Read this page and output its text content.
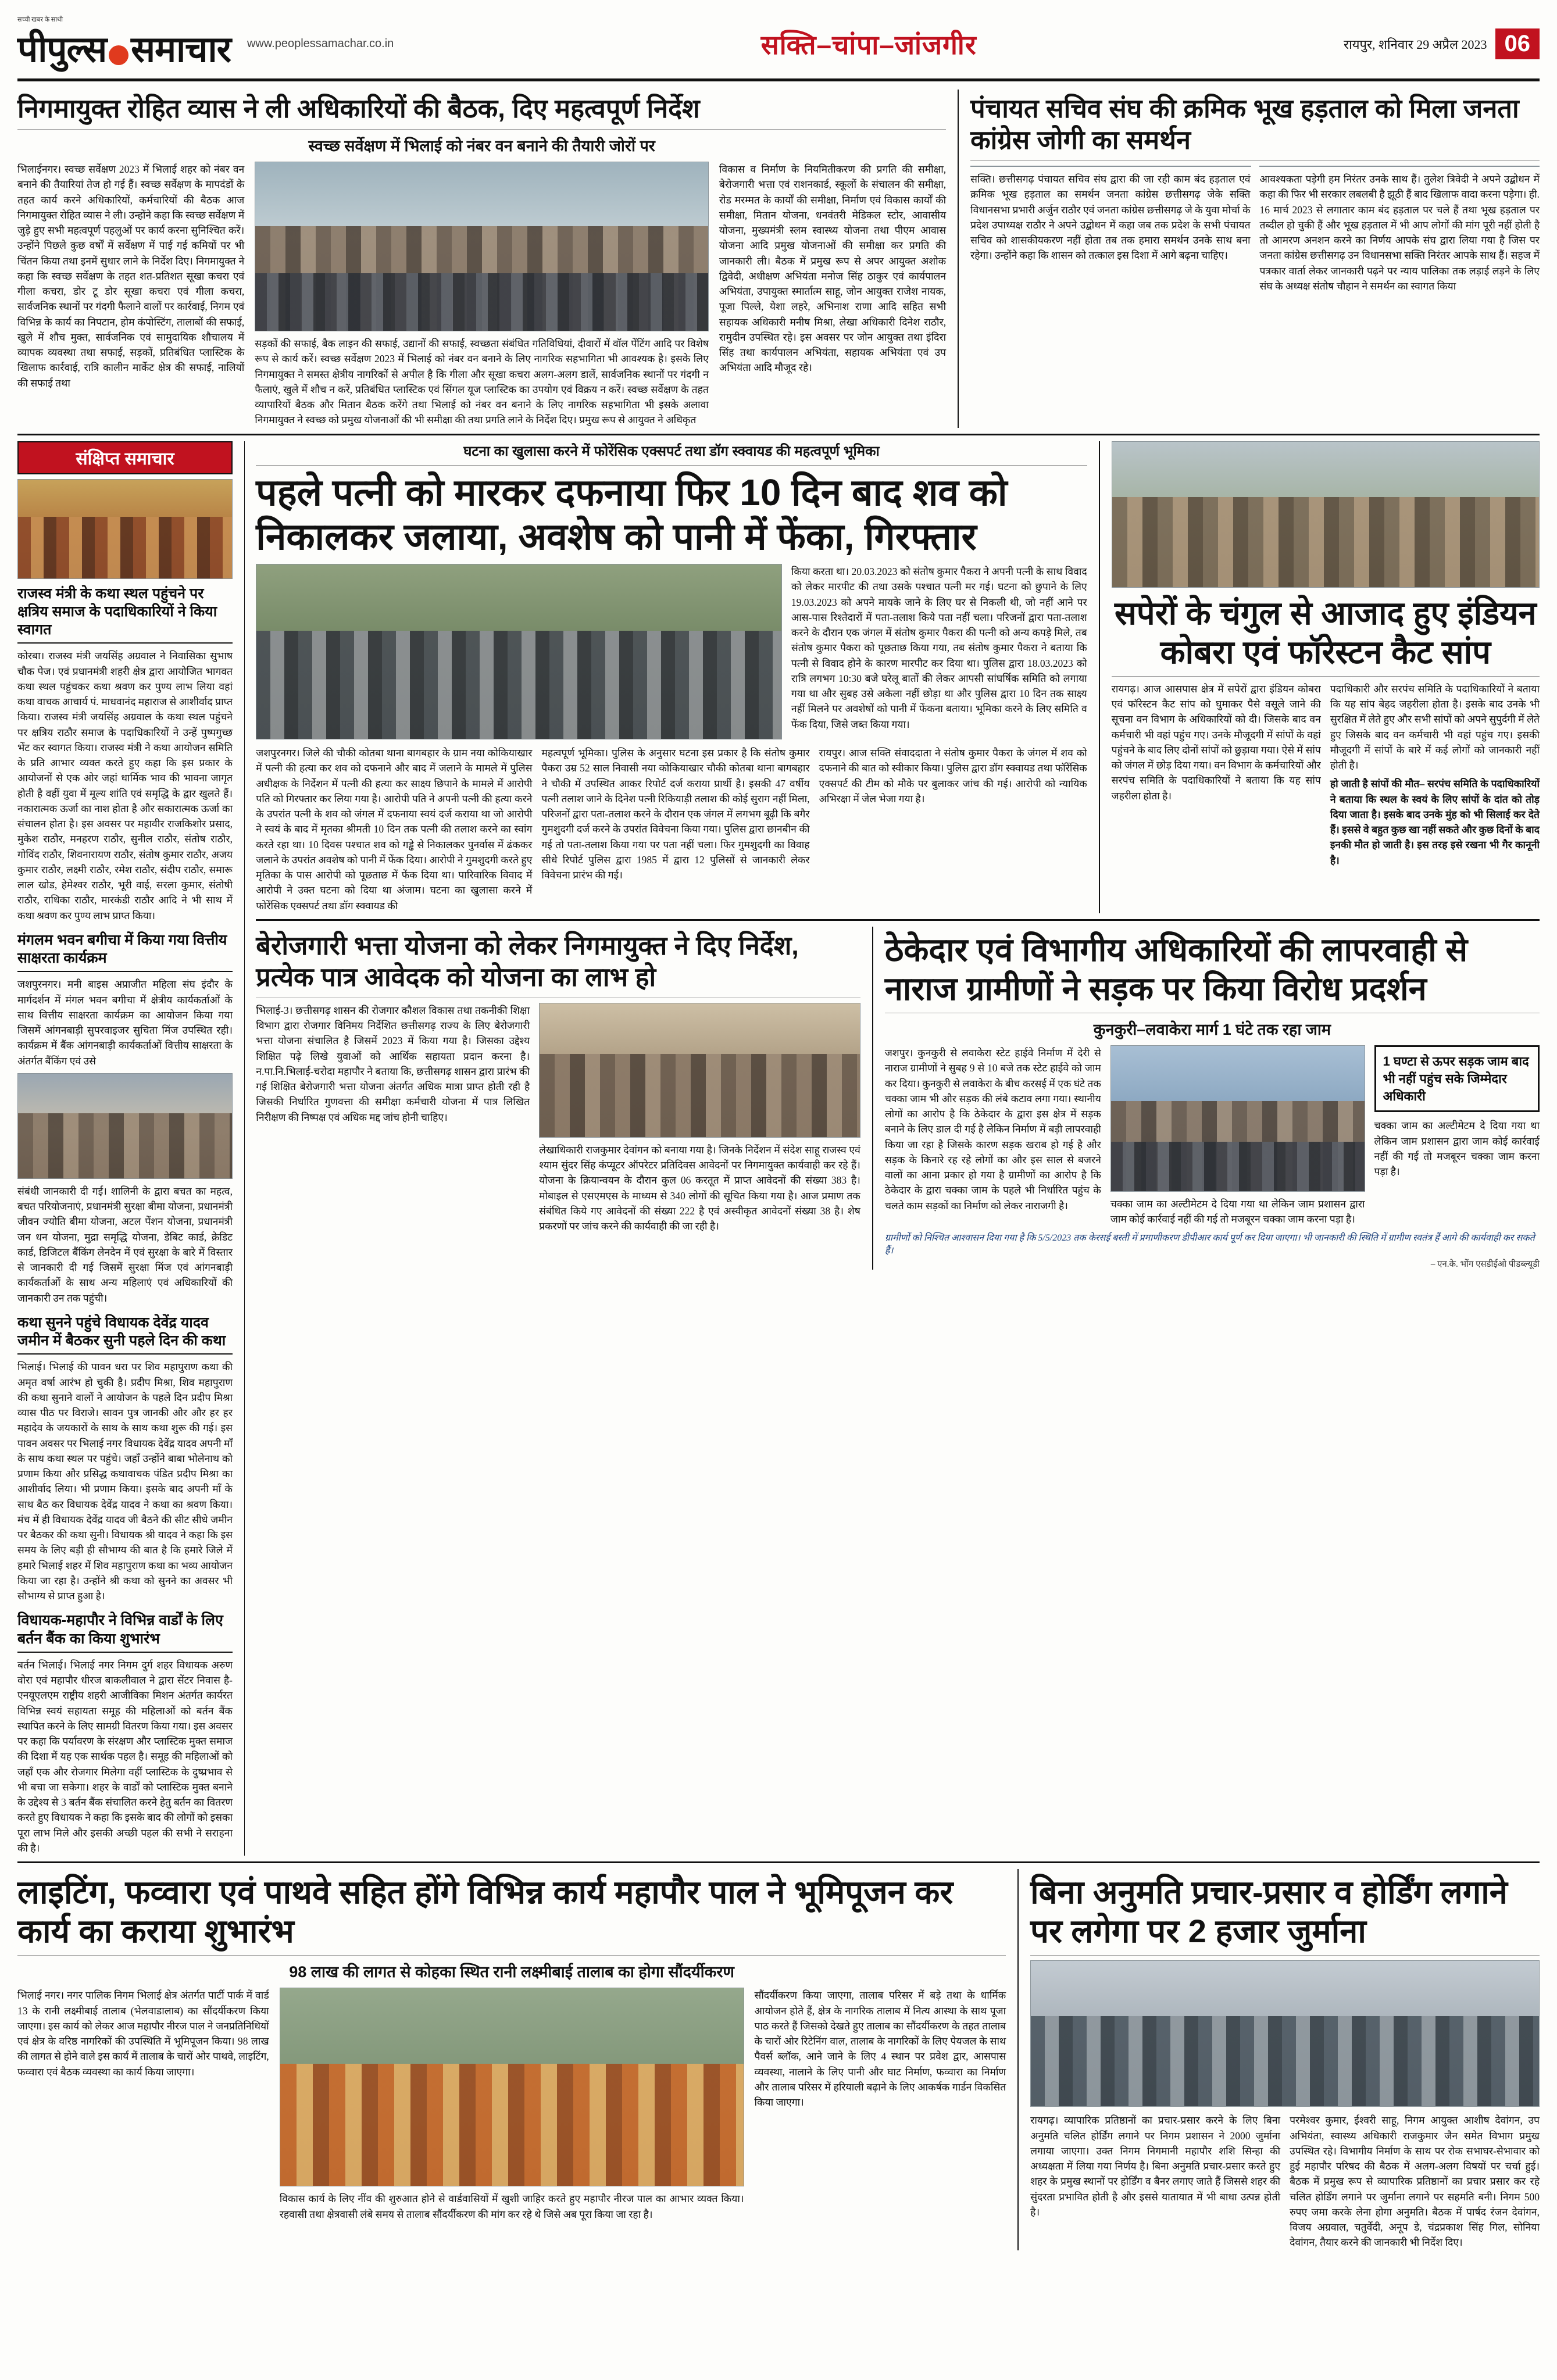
सच्ची खबर के साथी
पीपुल्स समाचार www.peoplessamachar.co.in	सक्ति–चांपा–जांजगीर	रायपुर, शनिवार 29 अप्रैल 2023 06
निगमायुक्त रोहित व्यास ने ली अधिकारियों की बैठक, दिए महत्वपूर्ण निर्देश
स्वच्छ सर्वेक्षण में भिलाई को नंबर वन बनाने की तैयारी जोरों पर
भिलाईनगर। स्वच्छ सर्वेक्षण 2023 में भिलाई शहर को नंबर वन बनाने की तैयारियां तेज हो गई हैं। स्वच्छ सर्वेक्षण के मापदंडों के तहत कार्य करने अधिकारियों, कर्मचारियों की बैठक आज निगमायुक्त रोहित व्यास ने ली। उन्होंने कहा कि स्वच्छ सर्वेक्षण में जुड़े हुए सभी महत्वपूर्ण पहलुओं पर कार्य करना सुनिश्चित करें। उन्होंने पिछले कुछ वर्षों में सर्वेक्षण में पाई गई कमियों पर भी चिंतन किया तथा इनमें सुधार लाने के निर्देश दिए। निगमायुक्त ने कहा कि स्वच्छ सर्वेक्षण के तहत शत-प्रतिशत सूखा कचरा एवं गीला कचरा, डोर टू डोर सूखा कचरा एवं गीला कचरा, सार्वजनिक स्थानों पर गंदगी फैलाने वालों पर कार्रवाई, निगम एवं विभिन्न के कार्य का निपटान, होम कंपोस्टिंग, तालाबों की सफाई, खुले में शौच मुक्त, सार्वजनिक एवं सामुदायिक शौचालय में व्यापक व्यवस्था तथा सफाई, सड़कों, प्रतिबंधित प्लास्टिक के खिलाफ कार्रवाई, रात्रि कालीन मार्केट क्षेत्र की सफाई, नालियों की सफाई तथा
सड़कों की सफाई, बैक लाइन की सफाई, उद्यानों की सफाई, स्वच्छता संबंधित गतिविधियां, दीवारों में वॉल पेंटिंग आदि पर विशेष रूप से कार्य करें। स्वच्छ सर्वेक्षण 2023 में भिलाई को नंबर वन बनाने के लिए नागरिक सहभागिता भी आवश्यक है। इसके लिए निगमायुक्त ने समस्त क्षेत्रीय नागरिकों से अपील है कि गीला और सूखा कचरा अलग-अलग डालें, सार्वजनिक स्थानों पर गंदगी न फैलाएं, खुले में शौच न करें, प्रतिबंधित प्लास्टिक एवं सिंगल यूज प्लास्टिक का उपयोग एवं विक्रय न करें। स्वच्छ सर्वेक्षण के तहत व्यापारियों बैठक और मितान बैठक करेंगे तथा भिलाई को नंबर वन बनाने के लिए नागरिक सहभागिता भी इसके अलावा निगमायुक्त ने स्वच्छ को प्रमुख योजनाओं की भी समीक्षा की तथा प्रगति लाने के निर्देश दिए। प्रमुख रूप से आयुक्त ने अधिकृत
विकास व निर्माण के नियमितीकरण की प्रगति की समीक्षा, बेरोजगारी भत्ता एवं राशनकार्ड, स्कूलों के संचालन की समीक्षा, रोड मरम्मत के कार्यों की समीक्षा, निर्माण एवं विकास कार्यों की समीक्षा, मितान योजना, धनवंतरी मेडिकल स्टोर, आवासीय योजना, मुख्यमंत्री स्लम स्वास्थ्य योजना तथा पीएम आवास योजना आदि प्रमुख योजनाओं की समीक्षा कर प्रगति की जानकारी ली। बैठक में प्रमुख रूप से अपर आयुक्त अशोक द्विवेदी, अधीक्षण अभियंता मनोज सिंह ठाकुर एवं कार्यपालन अभियंता, उपायुक्त स्मार्तात्म साहू, जोन आयुक्त राजेश नायक, पूजा पिल्ले, येशा लहरे, अभिनाश राणा आदि सहित सभी सहायक अधिकारी मनीष मिश्रा, लेखा अधिकारी दिनेश राठौर, रामुदीन उपस्थित रहे। इस अवसर पर जोन आयुक्त तथा इंदिरा सिंह तथा कार्यपालन अभियंता, सहायक अभियंता एवं उप अभियंता आदि मौजूद रहे।
पंचायत सचिव संघ की क्रमिक भूख हड़ताल को मिला जनता कांग्रेस जोगी का समर्थन
सक्ति। छत्तीसगढ़ पंचायत सचिव संघ द्वारा की जा रही काम बंद हड़ताल एवं क्रमिक भूख हड़ताल का समर्थन जनता कांग्रेस छत्तीसगढ़ जेके सक्ति विधानसभा प्रभारी अर्जुन राठौर एवं जनता कांग्रेस छत्तीसगढ़ जे के युवा मोर्चा के प्रदेश उपाध्यक्ष राठौर ने अपने उद्बोधन में कहा जब तक प्रदेश के सभी पंचायत सचिव को शासकीयकरण नहीं होता तब तक हमारा समर्थन उनके साथ बना रहेगा। उन्होंने कहा कि शासन को तत्काल इस दिशा में आगे बढ़ना चाहिए।
आवश्यकता पड़ेगी हम निरंतर उनके साथ हैं। तुलेश त्रिवेदी ने अपने उद्बोधन में कहा की फिर भी सरकार लबलबी है झूठी हैं बाद खिलाफ वादा करना पड़ेगा। ही. 16 मार्च 2023 से लगातार काम बंद हड़ताल पर चले हैं तथा भूख हड़ताल पर तब्दील हो चुकी हैं और भूख हड़ताल में भी आप लोगों की मांग पूरी नहीं होती है तो आमरण अनशन करने का निर्णय आपके संघ द्वारा लिया गया है जिस पर जनता कांग्रेस छत्तीसगढ़ उन विधानसभा सक्ति निरंतर आपके साथ हैं। सहज में पत्रकार वार्ता लेकर जानकारी पढ़ने पर न्याय पालिका तक लड़ाई लड़ने के लिए संघ के अध्यक्ष संतोष चौहान ने समर्थन का स्वागत किया
संक्षिप्त समाचार
राजस्व मंत्री के कथा स्थल पहुंचने पर क्षत्रिय समाज के पदाधिकारियों ने किया स्वागत
कोरबा। राजस्व मंत्री जयसिंह अग्रवाल ने निवासिका सुभाष चौक पेज। एवं प्रधानमंत्री शहरी क्षेत्र द्वारा आयोजित भागवत कथा स्थल पहुंचकर कथा श्रवण कर पुण्य लाभ लिया वहां कथा वाचक आचार्य पं. माधवानंद महाराज से आशीर्वाद प्राप्त किया। राजस्व मंत्री जयसिंह अग्रवाल के कथा स्थल पहुंचने पर क्षत्रिय राठौर समाज के पदाधिकारियों ने उन्हें पुष्पगुच्छ भेंट कर स्वागत किया। राजस्व मंत्री ने कथा आयोजन समिति के प्रति आभार व्यक्त करते हुए कहा कि इस प्रकार के आयोजनों से एक ओर जहां धार्मिक भाव की भावना जागृत होती है वहीं युवा में मूल्य शांति एवं समृद्धि के द्वार खुलते हैं। नकारात्मक ऊर्जा का नाश होता है और सकारात्मक ऊर्जा का संचालन होता है। इस अवसर पर महावीर राजकिशोर प्रसाद, मुकेश राठौर, मनहरण राठौर, सुनील राठौर, संतोष राठौर, गोविंद राठौर, शिवनारायण राठौर, संतोष कुमार राठौर, अजय कुमार राठौर, लक्ष्मी राठौर, रमेश राठौर, संदीप राठौर, समारू लाल खोड, हेमेश्वर राठौर, भूरी वाई, सरला कुमार, संतोषी राठौर, राधिका राठौर, मारकंडी राठौर आदि ने भी साथ में कथा श्रवण कर पुण्य लाभ प्राप्त किया।
मंगलम भवन बगीचा में किया गया वित्तीय साक्षरता कार्यक्रम
जशपुरनगर। मनी बाइस अप्राजीत महिला संघ इंदौर के मार्गदर्शन में मंगल भवन बगीचा में क्षेत्रीय कार्यकर्ताओं के साथ वित्तीय साक्षरता कार्यक्रम का आयोजन किया गया जिसमें आंगनबाड़ी सुपरवाइजर सुचिता मिंज उपस्थित रही। कार्यक्रम में बैंक आंगनबाड़ी कार्यकर्ताओं वित्तीय साक्षरता के अंतर्गत बैंकिंग एवं उसे
संबंधी जानकारी दी गई। शालिनी के द्वारा बचत का महत्व, बचत परियोजनाएं, प्रधानमंत्री सुरक्षा बीमा योजना, प्रधानमंत्री जीवन ज्योति बीमा योजना, अटल पेंशन योजना, प्रधानमंत्री जन धन योजना, मुद्रा समृद्धि योजना, डेबिट कार्ड, क्रेडिट कार्ड, डिजिटल बैंकिंग लेनदेन में एवं सुरक्षा के बारे में विस्तार से जानकारी दी गई जिसमें सुरक्षा मिंज एवं आंगनबाड़ी कार्यकर्ताओं के साथ अन्य महिलाएं एवं अधिकारियों की जानकारी उन तक पहुंची।
कथा सुनने पहुंचे विधायक देवेंद्र यादव जमीन में बैठकर सुनी पहले दिन की कथा
भिलाई। भिलाई की पावन धरा पर शिव महापुराण कथा की अमृत वर्षा आरंभ हो चुकी है। प्रदीप मिश्रा, शिव महापुराण की कथा सुनाने वालों ने आयोजन के पहले दिन प्रदीप मिश्रा व्यास पीठ पर विराजे। सावन पुत्र जानकी और और हर हर महादेव के जयकारों के साथ के साथ कथा शुरू की गई। इस पावन अवसर पर भिलाई नगर विधायक देवेंद्र यादव अपनी माँ के साथ कथा स्थल पर पहुंचे। जहाँ उन्होंने बाबा भोलेनाथ को प्रणाम किया और प्रसिद्ध कथावाचक पंडित प्रदीप मिश्रा का आशीर्वाद लिया। भी प्रणाम किया। इसके बाद अपनी माँ के साथ बैठ कर विधायक देवेंद्र यादव ने कथा का श्रवण किया। मंच में ही विधायक देवेंद्र यादव जी बैठने की सीट सीधे जमीन पर बैठकर की कथा सुनी। विधायक श्री यादव ने कहा कि इस समय के लिए बड़ी ही सौभाग्य की बात है कि हमारे जिले में हमारे भिलाई शहर में शिव महापुराण कथा का भव्य आयोजन किया जा रहा है। उन्होंने श्री कथा को सुनने का अवसर भी सौभाग्य से प्राप्त हुआ है।
विधायक-महापौर ने विभिन्न वार्डों के लिए बर्तन बैंक का किया शुभारंभ
बर्तन भिलाई। भिलाई नगर निगम दुर्ग शहर विधायक अरुण वोरा एवं महापौर धीरज बाकलीवाल ने द्वारा सेंटर निवास है-एनयूएलएम राष्ट्रीय शहरी आजीविका मिशन अंतर्गत कार्यरत विभिन्न स्वयं सहायता समूह की महिलाओं को बर्तन बैंक स्थापित करने के लिए सामग्री वितरण किया गया। इस अवसर पर कहा कि पर्यावरण के संरक्षण और प्लास्टिक मुक्त समाज की दिशा में यह एक सार्थक पहल है। समूह की महिलाओं को जहाँ एक और रोजगार मिलेगा वहीं प्लास्टिक के दुष्प्रभाव से भी बचा जा सकेगा। शहर के वार्डों को प्लास्टिक मुक्त बनाने के उद्देश्य से 3 बर्तन बैंक संचालित करने हेतु बर्तन का वितरण करते हुए विधायक ने कहा कि इसके बाद की लोगों को इसका पूरा लाभ मिले और इसकी अच्छी पहल की सभी ने सराहना की है।
घटना का खुलासा करने में फोरेंसिक एक्सपर्ट तथा डॉग स्क्वायड की महत्वपूर्ण भूमिका
पहले पत्नी को मारकर दफनाया फिर 10 दिन बाद शव को निकालकर जलाया, अवशेष को पानी में फेंका, गिरफ्तार
किया करता था। 20.03.2023 को संतोष कुमार पैकरा ने अपनी पत्नी के साथ विवाद को लेकर मारपीट की तथा उसके पश्चात पत्नी मर गई। घटना को छुपाने के लिए 19.03.2023 को अपने मायके जाने के लिए घर से निकली थी, जो नहीं आने पर आस-पास रिश्तेदारों में पता-तलाश किये पता नहीं चला। परिजनों द्वारा पता-तलाश करने के दौरान एक जंगल में संतोष कुमार पैकरा की पत्नी को अन्य कपड़े मिले, तब संतोष कुमार पैकरा को पूछताछ किया गया, तब संतोष कुमार पैकरा ने बताया कि पत्नी से विवाद होने के कारण मारपीट कर दिया था। पुलिस द्वारा 18.03.2023 को रात्रि लगभग 10:30 बजे घरेलू बातों की लेकर आपसी सांघर्षिक समिति को लगाया गया था और सुबह उसे अकेला नहीं छोड़ा था और पुलिस द्वारा 10 दिन तक साक्ष्य नहीं मिलने पर अवशेषों को पानी में फेंकना बताया। भूमिका करने के लिए समिति व फेंक दिया, जिसे जब्त किया गया।
जशपुरनगर। जिले की चौकी कोतबा थाना बागबहार के ग्राम नया कोकियाखार में पत्नी की हत्या कर शव को दफनाने और बाद में जलाने के मामले में पुलिस अधीक्षक के निर्देशन में पत्नी की हत्या कर साक्ष्य छिपाने के मामले में आरोपी पति को गिरफ्तार कर लिया गया है। आरोपी पति ने अपनी पत्नी की हत्या करने के उपरांत पत्नी के शव को जंगल में दफनाया स्वयं दर्ज कराया था जो आरोपी ने स्वयं के बाद में मृतका श्रीमती 10 दिन तक पत्नी की तलाश करने का स्वांग करते रहा था। 10 दिवस पश्चात शव को गड्ढे से निकालकर पुनर्वास में ढंककर जलाने के उपरांत अवशेष को पानी में फेंक दिया। आरोपी ने गुमशुदगी करते हुए मृतिका के पास आरोपी को पूछताछ में फेंक दिया था। पारिवारिक विवाद में आरोपी ने उक्त घटना को दिया था अंजाम। घटना का खुलासा करने में फोरेंसिक एक्सपर्ट तथा डॉग स्क्वायड की
महत्वपूर्ण भूमिका। पुलिस के अनुसार घटना इस प्रकार है कि संतोष कुमार पैकरा उम्र 52 साल निवासी नया कोकियाखार चौकी कोतबा थाना बागबहार ने चौकी में उपस्थित आकर रिपोर्ट दर्ज कराया प्रार्थी है। इसकी 47 वर्षीय पत्नी तलाश जाने के दिनेश पत्नी रिकियाड़ी तलाश की कोई सुराग नहीं मिला, परिजनों द्वारा पता-तलाश करने के दौरान एक जंगल में लगभग बूढ़ी कि बगैर गुमशुदगी दर्ज करने के उपरांत विवेचना किया गया। पुलिस द्वारा छानबीन की गई तो पता-तलाश किया गया पर पता नहीं चला। फिर गुमशुदगी का विवाह सीधे रिपोर्ट पुलिस द्वारा 1985 में द्वारा 12 पुलिसों से जानकारी लेकर विवेचना प्रारंभ की गई।
रायपुर। आज सक्ति संवाददाता ने संतोष कुमार पैकरा के जंगल में शव को दफनाने की बात को स्वीकार किया। पुलिस द्वारा डॉग स्क्वायड तथा फॉरेंसिक एक्सपर्ट की टीम को मौके पर बुलाकर जांच की गई। आरोपी को न्यायिक अभिरक्षा में जेल भेजा गया है।
सपेरों के चंगुल से आजाद हुए इंडियन कोबरा एवं फॉरेस्टन कैट सांप
रायगढ़। आज आसपास क्षेत्र में सपेरों द्वारा इंडियन कोबरा एवं फॉरेस्टन कैट सांप को घुमाकर पैसे वसूले जाने की सूचना वन विभाग के अधिकारियों को दी। जिसके बाद वन कर्मचारी भी वहां पहुंच गए। उनके मौजूदगी में सांपों के वहां पहुंचने के बाद लिए दोनों सांपों को छुड़ाया गया। ऐसे में सांप को जंगल में छोड़ दिया गया। वन विभाग के कर्मचारियों और सरपंच समिति के पदाधिकारियों ने बताया कि यह सांप जहरीला होता है।
पदाधिकारी और सरपंच समिति के पदाधिकारियों ने बताया कि यह सांप बेहद जहरीला होता है। इसके बाद उनके भी सुरक्षित में लेते हुए और सभी सांपों को अपने सुपुर्दगी में लेते हुए जिसके बाद वन कर्मचारी भी वहां पहुंच गए। इसकी मौजूदगी में सांपों के बारे में कई लोगों को जानकारी नहीं होती है।
हो जाती है सांपों की मौत– सरपंच समिति के पदाधिकारियों ने बताया कि स्थल के स्वयं के लिए सांपों के दांत को तोड़ दिया जाता है। इसके बाद उनके मुंह को भी सिलाई कर देते हैं। इससे वे बहुत कुछ खा नहीं सकते और कुछ दिनों के बाद इनकी मौत हो जाती है। इस तरह इसे रखना भी गैर कानूनी है।
बेरोजगारी भत्ता योजना को लेकर निगमायुक्त ने दिए निर्देश, प्रत्येक पात्र आवेदक को योजना का लाभ हो
भिलाई-3। छत्तीसगढ़ शासन की रोजगार कौशल विकास तथा तकनीकी शिक्षा विभाग द्वारा रोजगार विनिमय निर्देशित छत्तीसगढ़ राज्य के लिए बेरोजगारी भत्ता योजना संचालित है जिसमें 2023 में किया गया है। जिसका उद्देश्य शिक्षित पढ़े लिखे युवाओं को आर्थिक सहायता प्रदान करना है। न.पा.नि.भिलाई-चरोदा महापौर ने बताया कि, छत्तीसगढ़ शासन द्वारा प्रारंभ की गई शिक्षित बेरोजगारी भत्ता योजना अंतर्गत अधिक मात्रा प्राप्त होती रही है जिसकी निर्धारित गुणवत्ता की समीक्षा कर्मचारी योजना में पात्र लिखित निरीक्षण की निष्पक्ष एवं अधिक मद्द जांच होनी चाहिए।
लेखाधिकारी राजकुमार देवांगन को बनाया गया है। जिनके निर्देशन में संदेश साहू राजस्व एवं श्याम सुंदर सिंह कंप्यूटर ऑपरेटर प्रतिदिवस आवेदनों पर निगमायुक्त कार्यवाही कर रहे हैं। योजना के क्रियान्वयन के दौरान कुल 06 करतूत में प्राप्त आवेदनों की संख्या 383 है। मोबाइल से एसएमएस के माध्यम से 340 लोगों की सूचित किया गया है। आज प्रमाण तक संबंधित किये गए आवेदनों की संख्या 222 है एवं अस्वीकृत आवेदनों संख्या 38 है। शेष प्रकरणों पर जांच करने की कार्यवाही की जा रही है।
ठेकेदार एवं विभागीय अधिकारियों की लापरवाही से नाराज ग्रामीणों ने सड़क पर किया विरोध प्रदर्शन
कुनकुरी–लवाकेरा मार्ग 1 घंटे तक रहा जाम
जशपुर। कुनकुरी से लवाकेरा स्टेट हाईवे निर्माण में देरी से नाराज ग्रामीणों ने सुबह 9 से 10 बजे तक स्टेट हाईवे को जाम कर दिया। कुनकुरी से लवाकेरा के बीच करसई में एक घंटे तक चक्का जाम भी और सड़क की लंबे कटाव लगा गया। स्थानीय लोगों का आरोप है कि ठेकेदार के द्वारा इस क्षेत्र में सड़क बनाने के लिए डाल दी गई है लेकिन निर्माण में बड़ी लापरवाही किया जा रहा है जिसके कारण सड़क खराब हो गई है और सड़क के किनारे रह रहे लोगों का और इस साल से बजरने वालों का आना प्रकार हो गया है ग्रामीणों का आरोप है कि ठेकेदार के द्वारा चक्का जाम के पहले भी निर्धारित पहुंच के चलते काम सड़कों का निर्माण को लेकर नाराजगी है।	चक्का जाम का अल्टीमेटम दे दिया गया था लेकिन जाम प्रशासन द्वारा जाम कोई कार्रवाई नहीं की गई तो मजबूरन चक्का जाम करना पड़ा है।
1 घण्टा से ऊपर सड़क जाम बाद भी नहीं पहुंच सके जिम्मेदार अधिकारी
चक्का जाम का अल्टीमेटम दे दिया गया था लेकिन जाम प्रशासन द्वारा जाम कोई कार्रवाई नहीं की गई तो मजबूरन चक्का जाम करना पड़ा है।
ग्रामीणों को निश्चित आश्वासन दिया गया है कि 5/5/2023 तक केरसई बस्ती में प्रमाणीकरण डीपीआर कार्य पूर्ण कर दिया जाएगा। भी जानकारी की स्थिति में ग्रामीण स्वतंत्र हैं आगे की कार्यवाही कर सकते हैं।
– एन.के. भोंग एसडीईओ पीडब्ल्यूडी
लाइटिंग, फव्वारा एवं पाथवे सहित होंगे विभिन्न कार्य महापौर पाल ने भूमिपूजन कर कार्य का कराया शुभारंभ
98 लाख की लागत से कोहका स्थित रानी लक्ष्मीबाई तालाब का होगा सौंदर्यीकरण
भिलाई नगर। नगर पालिक निगम भिलाई क्षेत्र अंतर्गत पार्टी पार्क में वार्ड 13 के रानी लक्ष्मीबाई तालाब (भेलवाडालाब) का सौंदर्यीकरण किया जाएगा। इस कार्य को लेकर आज महापौर नीरज पाल ने जनप्रतिनिधियों एवं क्षेत्र के वरिष्ठ नागरिकों की उपस्थिति में भूमिपूजन किया। 98 लाख की लागत से होने वाले इस कार्य में तालाब के चारों ओर पाथवे, लाइटिंग, फव्वारा एवं बैठक व्यवस्था का कार्य किया जाएगा।
विकास कार्य के लिए नींव की शुरुआत होने से वार्डवासियों में खुशी जाहिर करते हुए महापौर नीरज पाल का आभार व्यक्त किया। रहवासी तथा क्षेत्रवासी लंबे समय से तालाब सौंदर्यीकरण की मांग कर रहे थे जिसे अब पूरा किया जा रहा है।
सौंदर्यीकरण किया जाएगा, तालाब परिसर में बड़े तथा के धार्मिक आयोजन होते हैं, क्षेत्र के नागरिक तालाब में नित्य आस्था के साथ पूजा पाठ करते हैं जिसको देखते हुए तालाब का सौंदर्यीकरण के तहत तालाब के चारों ओर रिटेनिंग वाल, तालाब के नागरिकों के लिए पेयजल के साथ पैवर्स ब्लॉक, आने जाने के लिए 4 स्थान पर प्रवेश द्वार, आसपास व्यवस्था, नालाने के लिए पानी और घाट निर्माण, फव्वारा का निर्माण और तालाब परिसर में हरियाली बढ़ाने के लिए आकर्षक गार्डन विकसित किया जाएगा।
बिना अनुमति प्रचार-प्रसार व होर्डिंग लगाने पर लगेगा पर 2 हजार जुर्माना
रायगढ़। व्यापारिक प्रतिष्ठानों का प्रचार-प्रसार करने के लिए बिना अनुमति चलित होर्डिंग लगाने पर निगम प्रशासन ने 2000 जुर्माना लगाया जाएगा। उक्त निगम निगमानी महापौर शशि सिन्हा की अध्यक्षता में लिया गया निर्णय है। बिना अनुमति प्रचार-प्रसार करते हुए शहर के प्रमुख स्थानों पर होर्डिंग व बैनर लगाए जाते हैं जिससे शहर की सुंदरता प्रभावित होती है और इससे यातायात में भी बाधा उत्पन्न होती है।
परमेश्वर कुमार, ईश्वरी साहू, निगम आयुक्त आशीष देवांगन, उप अभियंता, स्वास्थ्य अधिकारी राजकुमार जैन समेत विभाग प्रमुख उपस्थित रहे। विभागीय निर्माण के साथ पर रोक सभाघर-सेभावार को हुई महापौर परिषद की बैठक में अलग-अलग विषयों पर चर्चा हुई। बैठक में प्रमुख रूप से व्यापारिक प्रतिष्ठानों का प्रचार प्रसार कर रहे चलित होर्डिंग लगाने पर जुर्माना लगाने पर सहमति बनी। निगम 500 रुपए जमा करके लेना होगा अनुमति। बैठक में पार्षद रंजन देवांगन, विजय अग्रवाल, चतुर्वेदी, अनूप डे, चंद्रप्रकाश सिंह गिल, सोनिया देवांगन, तैयार करने की जानकारी भी निर्देश दिए।
